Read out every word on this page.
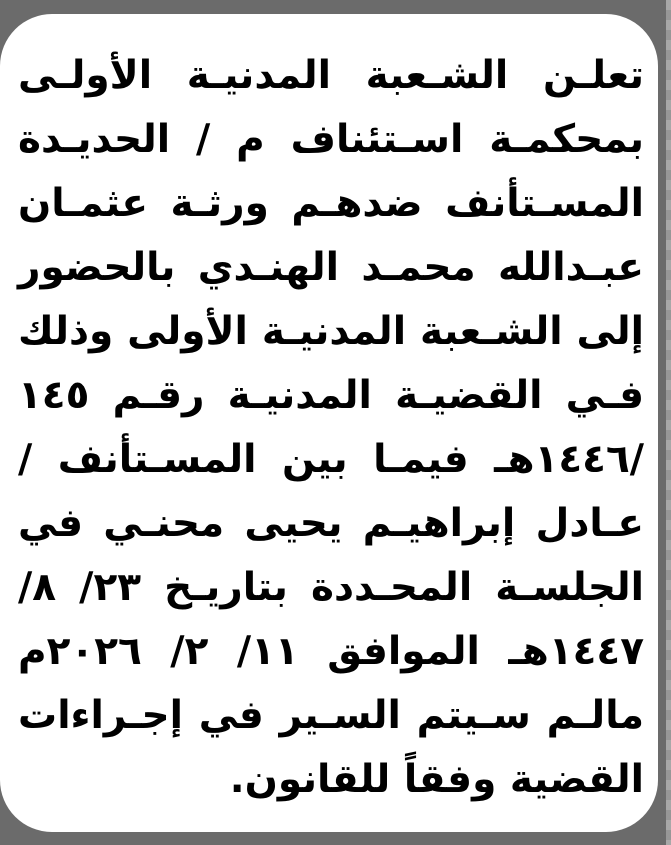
تعلـن الشـعبة المدنيـة الأولـى
بمحكمـة اسـتئناف م / الحديـدة
المسـتأنف ضدهـم ورثـة عثمـان
عبـدالله محمـد الهنـدي بالحضور
إلى الشـعبة المدنيـة الأولى وذلك
فـي القضيـة المدنيـة رقـم ١٤٥
/١٤٤٦هـ فيمـا بين المسـتأنف /
عـادل إبراهيـم يحيى محنـي في
الجلسـة المحـددة بتاريـخ ٢٣/ ٨/
١٤٤٧هـ الموافق ١١/ ٢/ ٢٠٢٦م
مالـم سـيتم السـير في إجـراءات
القضية وفقاً للقانون.
